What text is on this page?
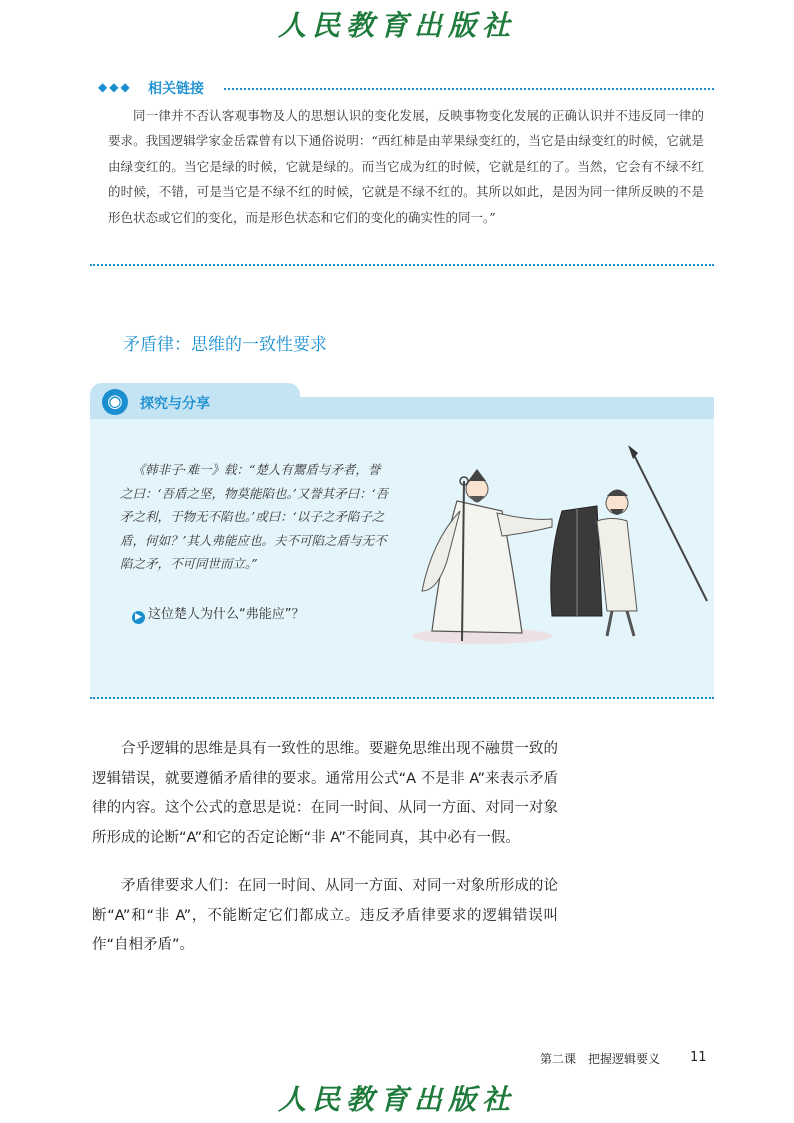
人民教育出版社
◆◆◆ 相关链接
同一律并不否认客观事物及人的思想认识的变化发展，反映事物变化发展的正确认识并不违反同一律的要求。我国逻辑学家金岳霖曾有以下通俗说明：“西红柿是由苹果绿变红的，当它是由绿变红的时候，它就是由绿变红的。当它是绿的时候，它就是绿的。而当它成为红的时候，它就是红的了。当然，它会有不绿不红的时候，不错，可是当它是不绿不红的时候，它就是不绿不红的。其所以如此，是因为同一律所反映的不是形色状态或它们的变化，而是形色状态和它们的变化的确实性的同一。”
矛盾律：思维的一致性要求
◉	探究与分享
《韩非子·难一》载：“楚人有鬻盾与矛者，誉之曰：‘吾盾之坚，物莫能陷也。’又誉其矛曰：‘吾矛之利，于物无不陷也。’或曰：‘以子之矛陷子之盾，何如？’其人弗能应也。夫不可陷之盾与无不陷之矛，不可同世而立。”
▶ 这位楚人为什么“弗能应”？
合乎逻辑的思维是具有一致性的思维。要避免思维出现不融贯一致的逻辑错误，就要遵循矛盾律的要求。通常用公式“A 不是非 A”来表示矛盾律的内容。这个公式的意思是说：在同一时间、从同一方面、对同一对象所形成的论断“A”和它的否定论断“非 A”不能同真，其中必有一假。
矛盾律要求人们：在同一时间、从同一方面、对同一对象所形成的论断“A”和“非 A”，不能断定它们都成立。违反矛盾律要求的逻辑错误叫作“自相矛盾”。
第二课　把握逻辑要义 11
人民教育出版社
